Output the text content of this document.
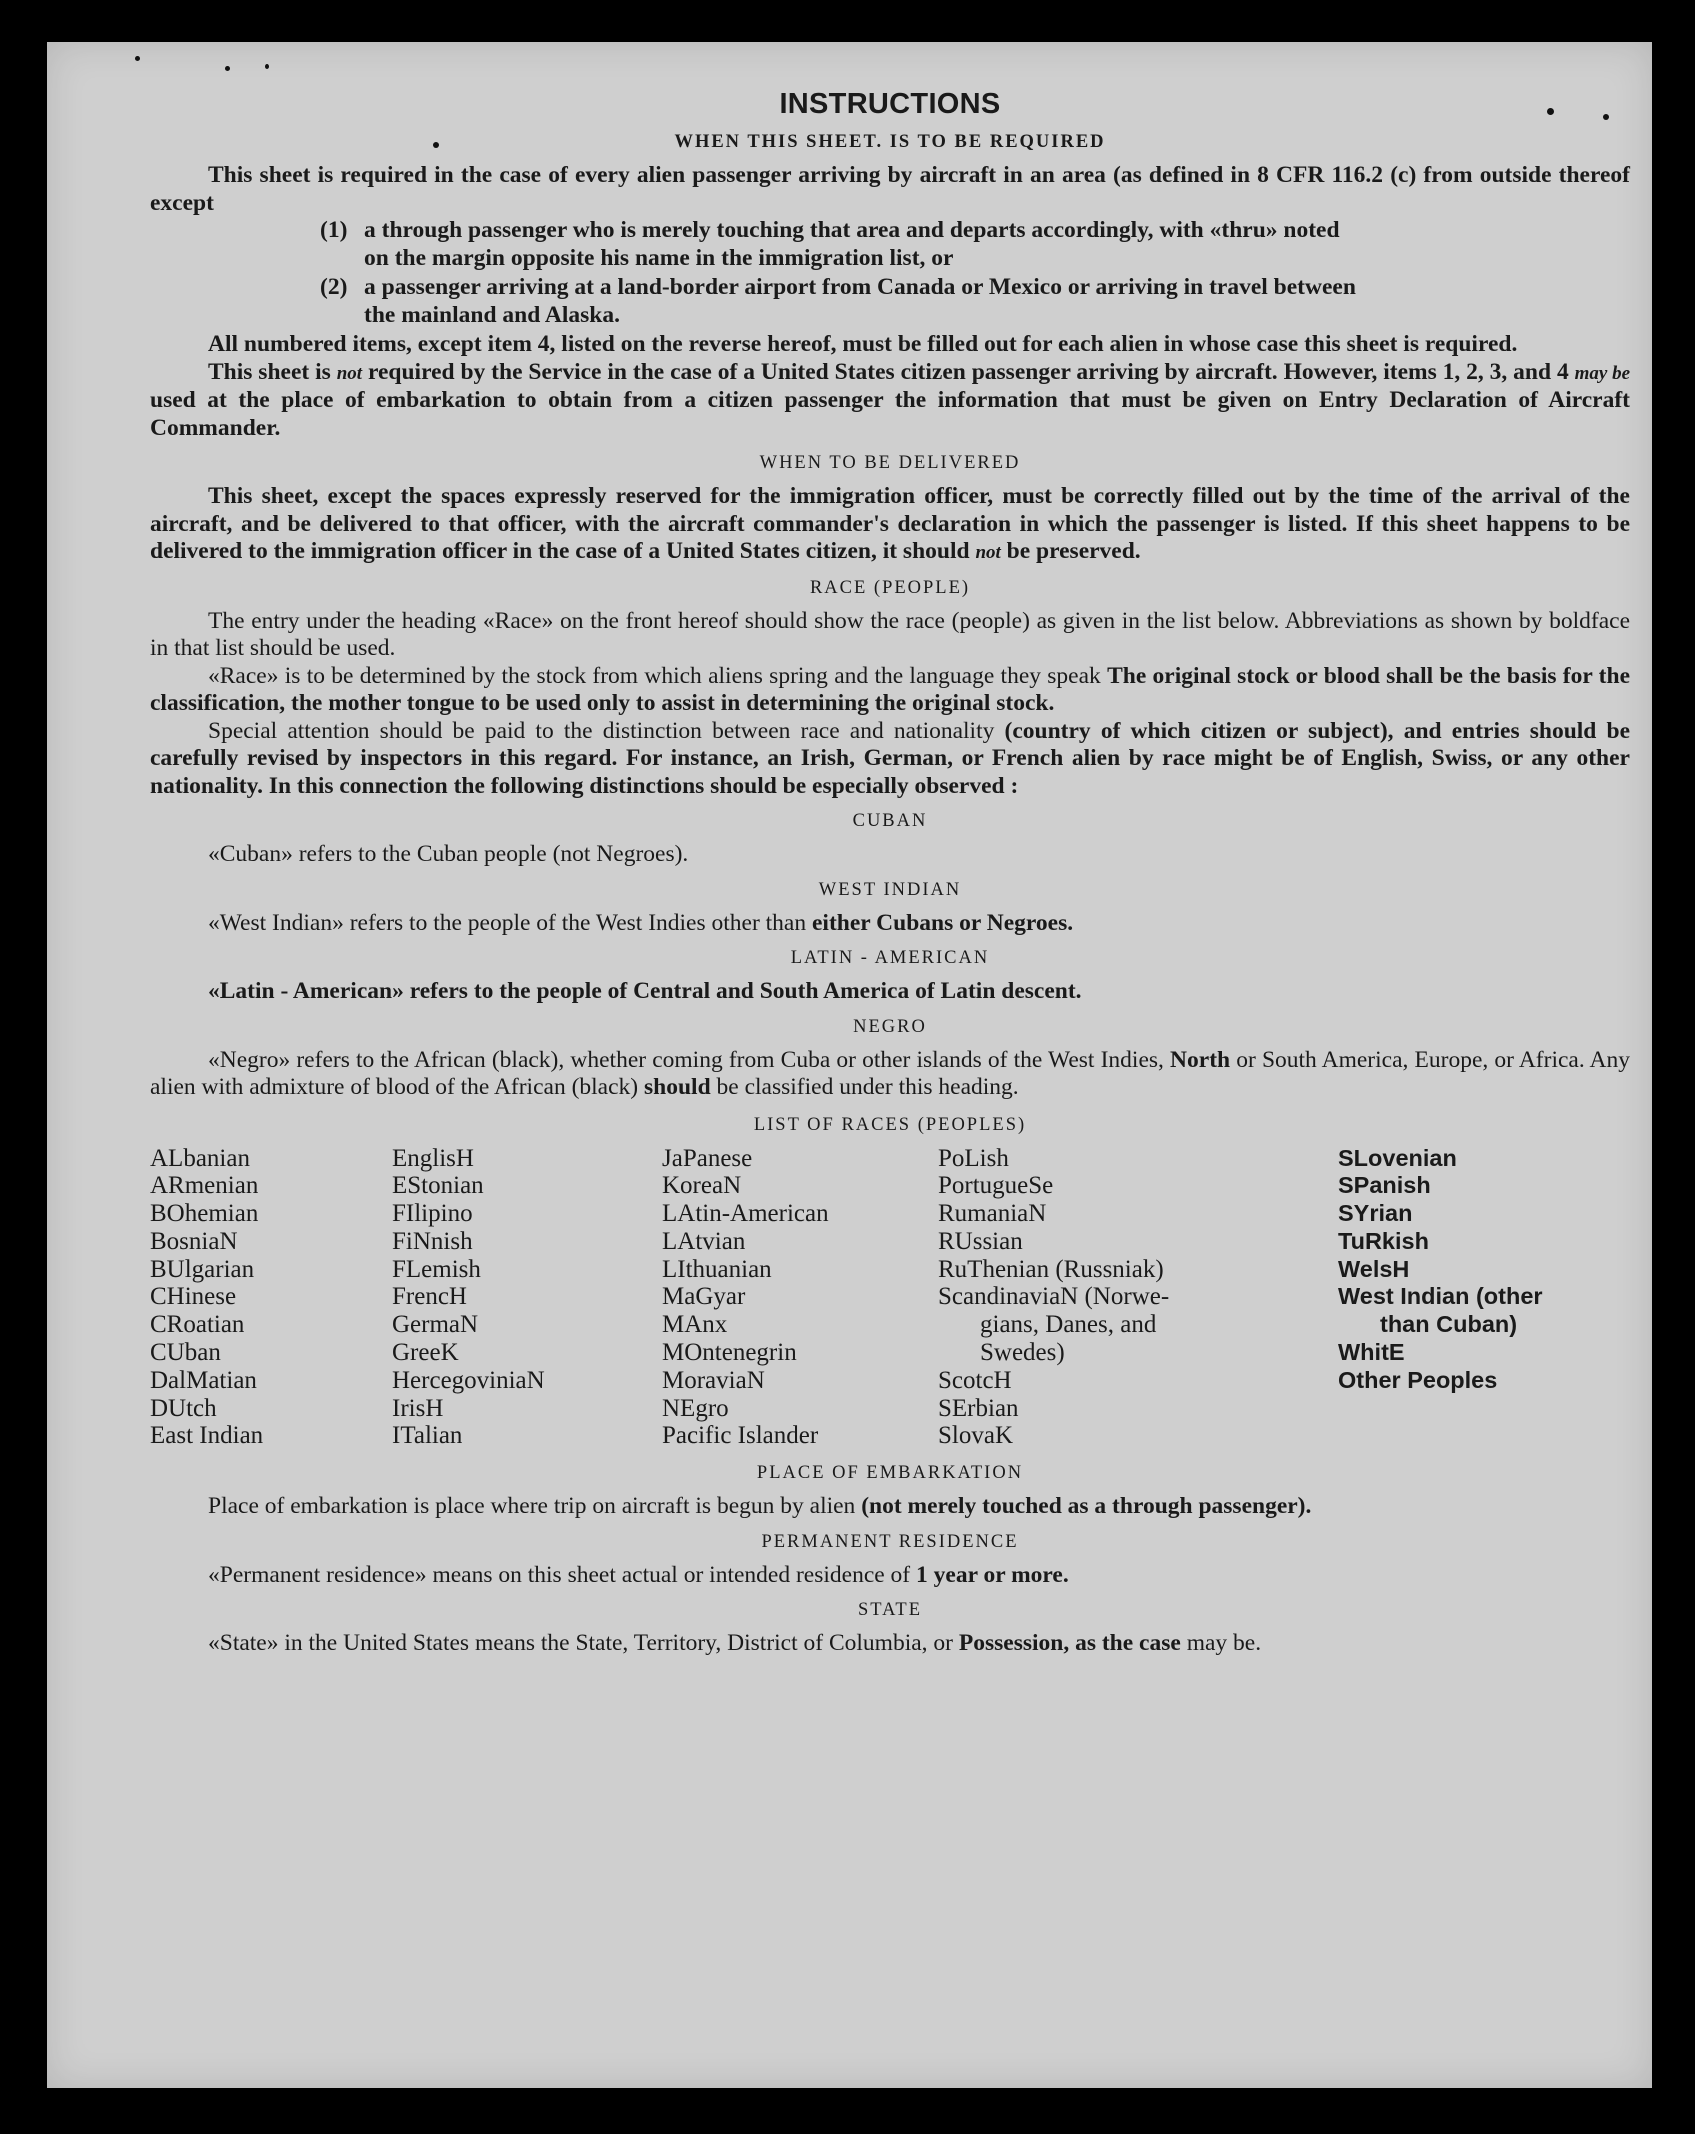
INSTRUCTIONS
WHEN THIS SHEET. IS TO BE REQUIRED

This sheet is required in the case of every alien passenger arriving by aircraft in an area (as defined in 8 CFR 116.2 (c) from outside thereof except

(1) a through passenger who is merely touching that area and departs accordingly, with «thru» noted
on the margin opposite his name in the immigration list, or
(2) a passenger arriving at a land-border airport from Canada or Mexico or arriving in travel between
the mainland and Alaska.

All numbered items, except item 4, listed on the reverse hereof, must be filled out for each alien in whose case this sheet is required.

This sheet is not required by the Service in the case of a United States citizen passenger arriving by aircraft. However, items 1, 2, 3, and 4 may be used at the place of embarkation to obtain from a citizen passenger the information that must be given on Entry Declaration of Aircraft Commander.

WHEN TO BE DELIVERED

This sheet, except the spaces expressly reserved for the immigration officer, must be correctly filled out by the time of the arrival of the aircraft, and be delivered to that officer, with the aircraft commander's declaration in which the passenger is listed. If this sheet happens to be delivered to the immigration officer in the case of a United States citizen, it should not be preserved.

RACE (PEOPLE)

The entry under the heading «Race» on the front hereof should show the race (people) as given in the list below. Abbreviations as shown by boldface in that list should be used.

«Race» is to be determined by the stock from which aliens spring and the language they speak The original stock or blood shall be the basis for the classification, the mother tongue to be used only to assist in determining the original stock.

Special attention should be paid to the distinction between race and nationality (country of which citizen or subject), and entries should be carefully revised by inspectors in this regard. For instance, an Irish, German, or French alien by race might be of English, Swiss, or any other nationality. In this connection the following distinctions should be especially observed :

CUBAN

«Cuban» refers to the Cuban people (not Negroes).

WEST INDIAN

«West Indian» refers to the people of the West Indies other than either Cubans or Negroes.

LATIN - AMERICAN

«Latin - American» refers to the people of Central and South America of Latin descent.

NEGRO

«Negro» refers to the African (black), whether coming from Cuba or other islands of the West Indies, North or South America, Europe, or Africa. Any alien with admixture of blood of the African (black) should be classified under this heading.

LIST OF RACES (PEOPLES)
ALbanian
ARmenian
BOhemian
BosniaN
BUlgarian
CHinese
CRoatian
CUban
DalMatian
DUtch
East Indian
EnglisH
EStonian
FIlipino
FiNnish
FLemish
FrencH
GermaN
GreeK
HercegoviniaN
IrisH
ITalian
JaPanese
KoreaN
LAtin-American
LAtvian
LIthuanian
MaGyar
MAnx
MOntenegrin
MoraviaN
NEgro
Pacific Islander
PoLish
PortugueSe
RumaniaN
RUssian
RuThenian (Russniak)
ScandinaviaN (Norwe-
gians, Danes, and
Swedes)
ScotcH
SErbian
SlovaK
SLovenian
SPanish
SYrian
TuRkish
WelsH
West Indian (other
than Cuban)
WhitE
Other Peoples
PLACE OF EMBARKATION

Place of embarkation is place where trip on aircraft is begun by alien (not merely touched as a through passenger).

PERMANENT RESIDENCE

«Permanent residence» means on this sheet actual or intended residence of 1 year or more.

STATE

«State» in the United States means the State, Territory, District of Columbia, or Possession, as the case may be.
